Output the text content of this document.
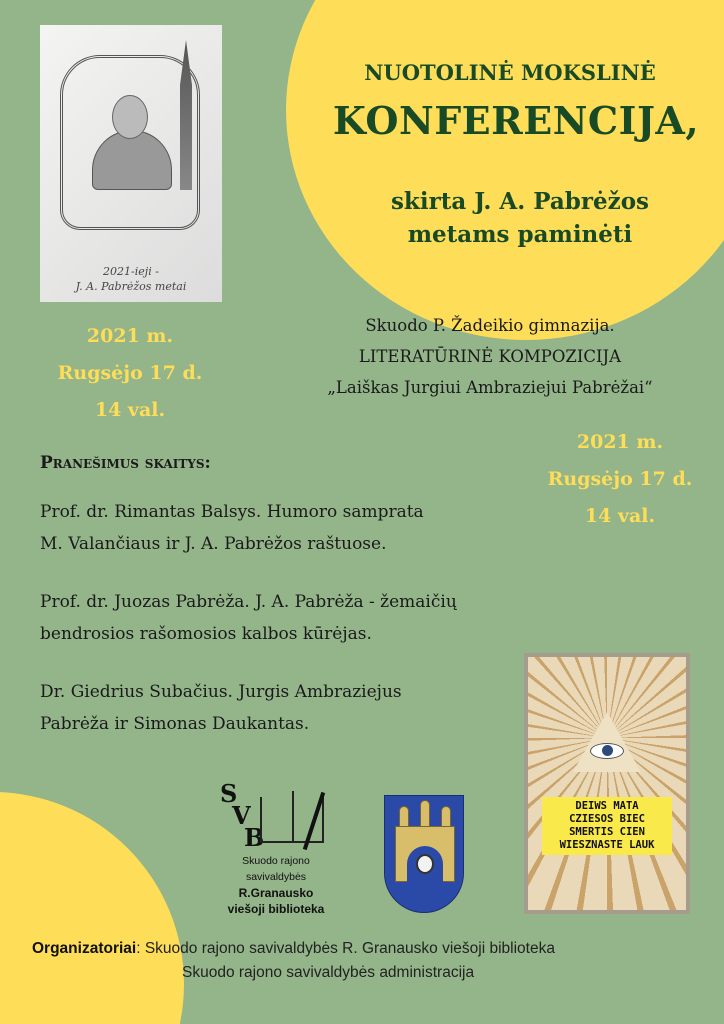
2021-ieji -
J. A. Pabrėžos metai
NUOTOLINĖ MOKSLINĖ
KONFERENCIJA,
skirta J. A. Pabrėžos
metams paminėti
2021 m.
Rugsėjo 17 d.
14 val.
Skuodo P. Žadeikio gimnazija.
LITERATŪRINĖ KOMPOZICIJA
„Laiškas Jurgiui Ambraziejui Pabrėžai“
2021 m.
Rugsėjo 17 d.
14 val.
Pranešimus skaitys:
Prof. dr. Rimantas Balsys. Humoro samprata
M. Valančiaus ir J. A. Pabrėžos raštuose.
Prof. dr. Juozas Pabrėža. J. A. Pabrėža - žemaičių
bendrosios rašomosios kalbos kūrėjas.
Dr. Giedrius Subačius. Jurgis Ambraziejus
Pabrėža ir Simonas Daukantas.
DEIWS MATA
CZIESOS BIEC
SMERTIS CIEN
WIESZNASTE LAUK
S
V
B
Skuodo rajono savivaldybės
R.Granausko
viešoji biblioteka
Organizatoriai: Skuodo rajono savivaldybės R. Granausko viešoji biblioteka
Skuodo rajono savivaldybės administracija
